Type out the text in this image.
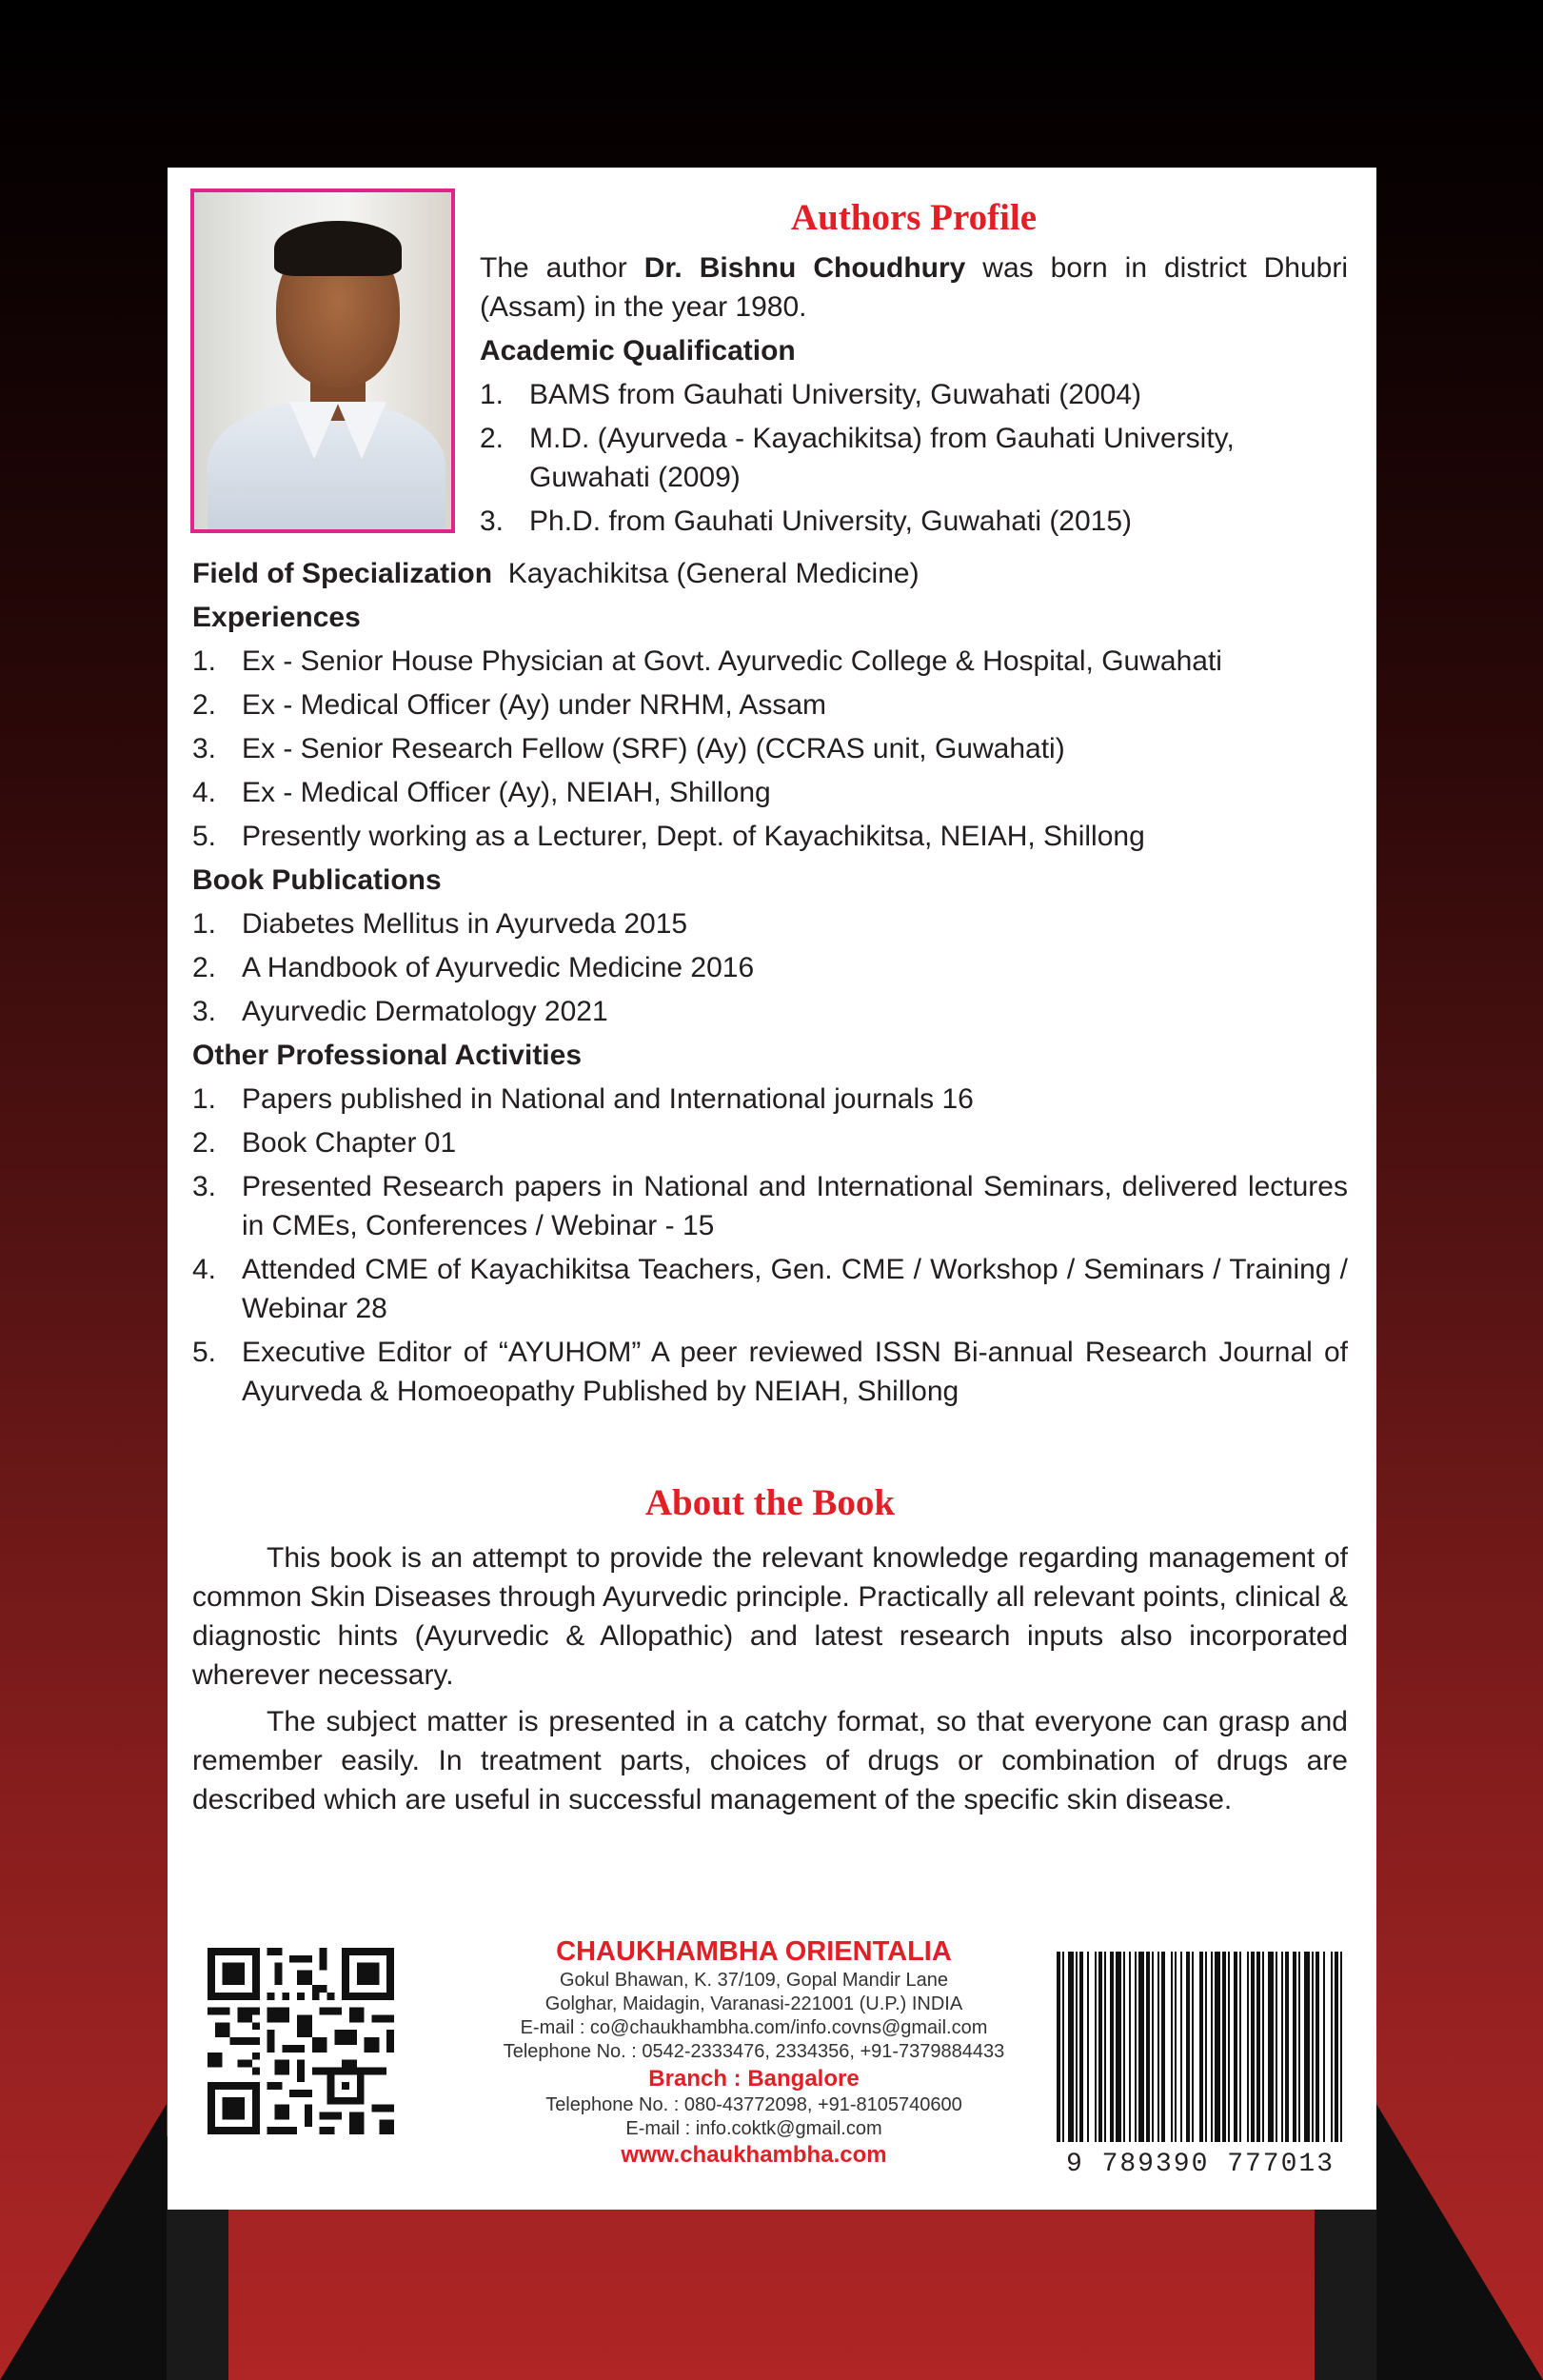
Authors Profile

The author Dr. Bishnu Choudhury was born in district Dhubri (Assam) in the year 1980.

Academic Qualification

1. BAMS from Gauhati University, Guwahati (2004)
2. M.D. (Ayurveda - Kayachikitsa) from Gauhati University, Guwahati (2009)
3. Ph.D. from Gauhati University, Guwahati (2015)

Field of Specialization Kayachikitsa (General Medicine)

Experiences

1. Ex - Senior House Physician at Govt. Ayurvedic College & Hospital, Guwahati
2. Ex - Medical Officer (Ay) under NRHM, Assam
3. Ex - Senior Research Fellow (SRF) (Ay) (CCRAS unit, Guwahati)
4. Ex - Medical Officer (Ay), NEIAH, Shillong
5. Presently working as a Lecturer, Dept. of Kayachikitsa, NEIAH, Shillong

Book Publications

1. Diabetes Mellitus in Ayurveda 2015
2. A Handbook of Ayurvedic Medicine 2016
3. Ayurvedic Dermatology 2021

Other Professional Activities

1. Papers published in National and International journals 16
2. Book Chapter 01
3. Presented Research papers in National and International Seminars, delivered lectures in CMEs, Conferences / Webinar - 15
4. Attended CME of Kayachikitsa Teachers, Gen. CME / Workshop / Seminars / Training / Webinar 28
5. Executive Editor of “AYUHOM” A peer reviewed ISSN Bi-annual Research Journal of Ayurveda & Homoeopathy Published by NEIAH, Shillong
About the Book

This book is an attempt to provide the relevant knowledge regarding management of common Skin Diseases through Ayurvedic principle. Practically all relevant points, clinical & diagnostic hints (Ayurvedic & Allopathic) and latest research inputs also incorporated wherever necessary.

The subject matter is presented in a catchy format, so that everyone can grasp and remember easily. In treatment parts, choices of drugs or combination of drugs are described which are useful in successful management of the specific skin disease.

CHAUKHAMBHA ORIENTALIA
Gokul Bhawan, K. 37/109, Gopal Mandir Lane
Golghar, Maidagin, Varanasi-221001 (U.P.) INDIA
E-mail : co@chaukhambha.com/info.covns@gmail.com
Telephone No. : 0542-2333476, 2334356, +91-7379884433
Branch : Bangalore
Telephone No. : 080-43772098, +91-8105740600
E-mail : info.coktk@gmail.com
www.chaukhambha.com	9 789390 777013
